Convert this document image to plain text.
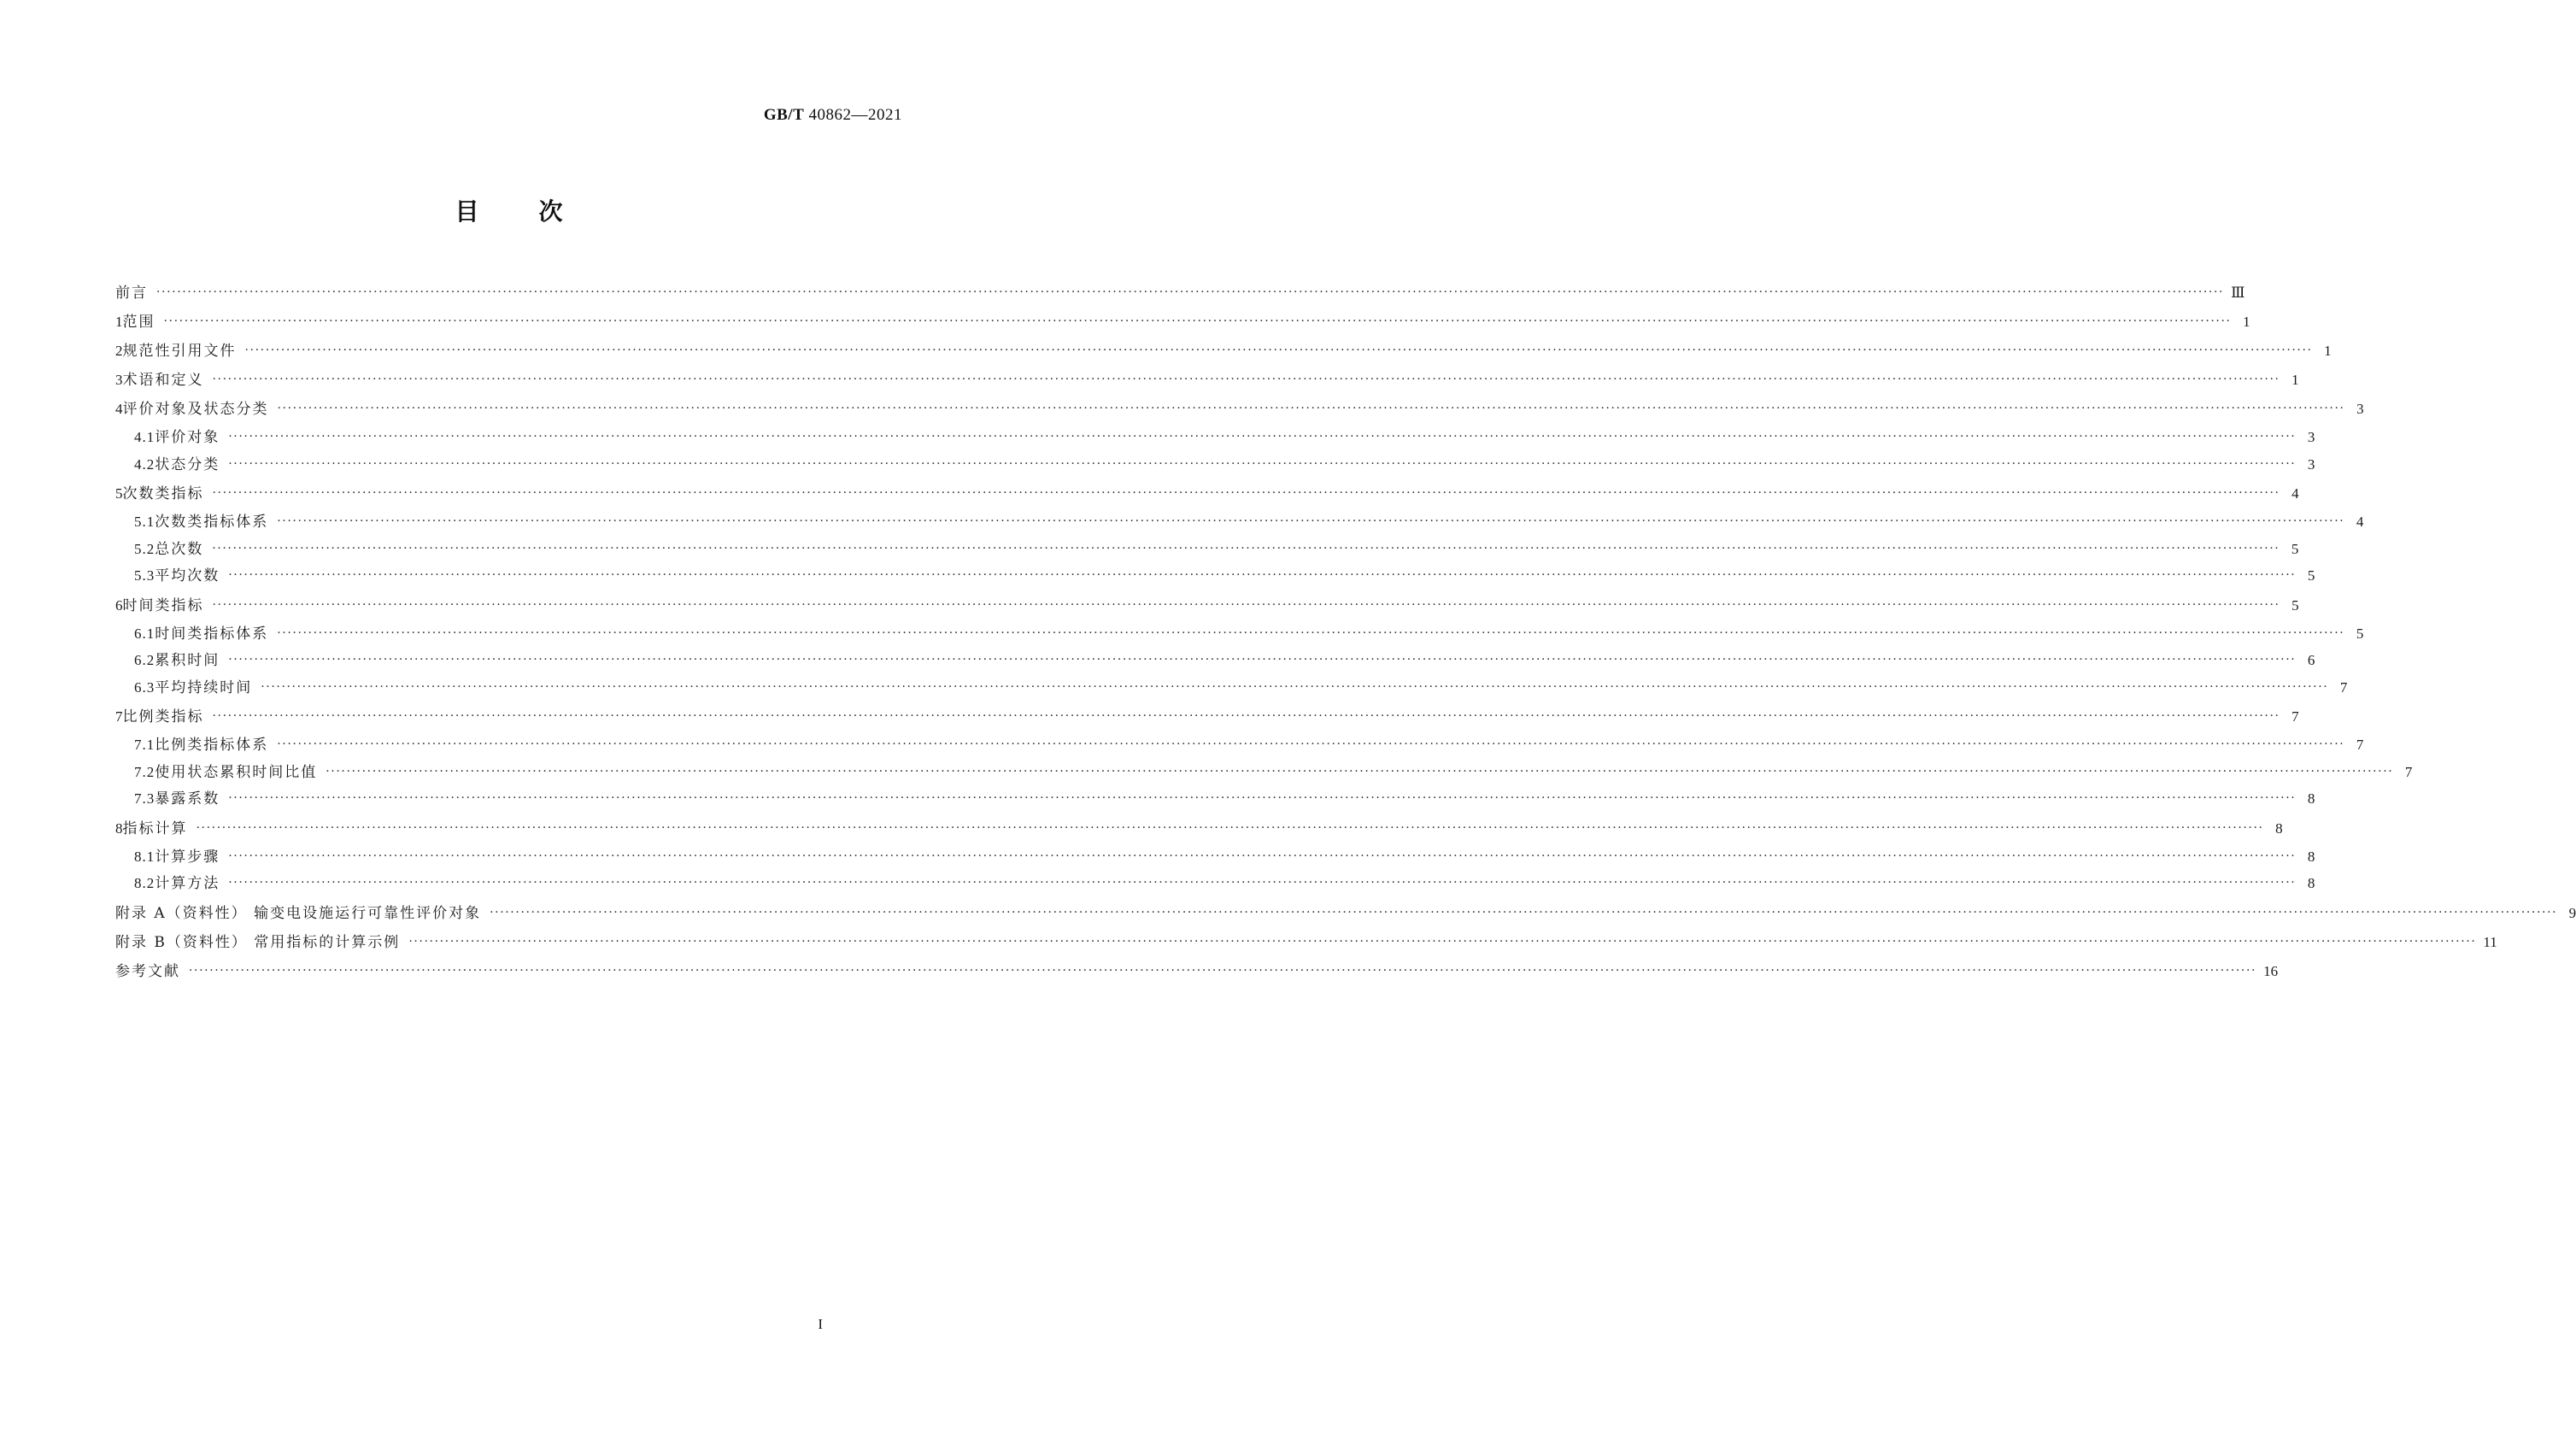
GB/T 40862—2021
目次
前言 ················································································································································································································································································································································································································ Ⅲ
1 范围 ················································································································································································································································································································································································································ 1
2 规范性引用文件 ················································································································································································································································································································································································································ 1
3 术语和定义 ················································································································································································································································································································································································································ 1
4 评价对象及状态分类 ················································································································································································································································································································································································································ 3
4.1 评价对象 ················································································································································································································································································································································································································ 3
4.2 状态分类 ················································································································································································································································································································································································································ 3
5 次数类指标 ················································································································································································································································································································································································································ 4
5.1 次数类指标体系 ················································································································································································································································································································································································································ 4
5.2 总次数 ················································································································································································································································································································································································································ 5
5.3 平均次数 ················································································································································································································································································································································································································ 5
6 时间类指标 ················································································································································································································································································································································································································ 5
6.1 时间类指标体系 ················································································································································································································································································································································································································ 5
6.2 累积时间 ················································································································································································································································································································································································································ 6
6.3 平均持续时间 ················································································································································································································································································································································································································ 7
7 比例类指标 ················································································································································································································································································································································································································ 7
7.1 比例类指标体系 ················································································································································································································································································································································································································ 7
7.2 使用状态累积时间比值 ················································································································································································································································································································································································································ 7
7.3 暴露系数 ················································································································································································································································································································································································································ 8
8 指标计算 ················································································································································································································································································································································································································ 8
8.1 计算步骤 ················································································································································································································································································································································································································ 8
8.2 计算方法 ················································································································································································································································································································································································································ 8
附录 A（资料性） 输变电设施运行可靠性评价对象 ················································································································································································································································································································································································································ 9
附录 B（资料性） 常用指标的计算示例 ················································································································································································································································································································································································································ 11
参考文献 ················································································································································································································································································································································································································ 16
I
